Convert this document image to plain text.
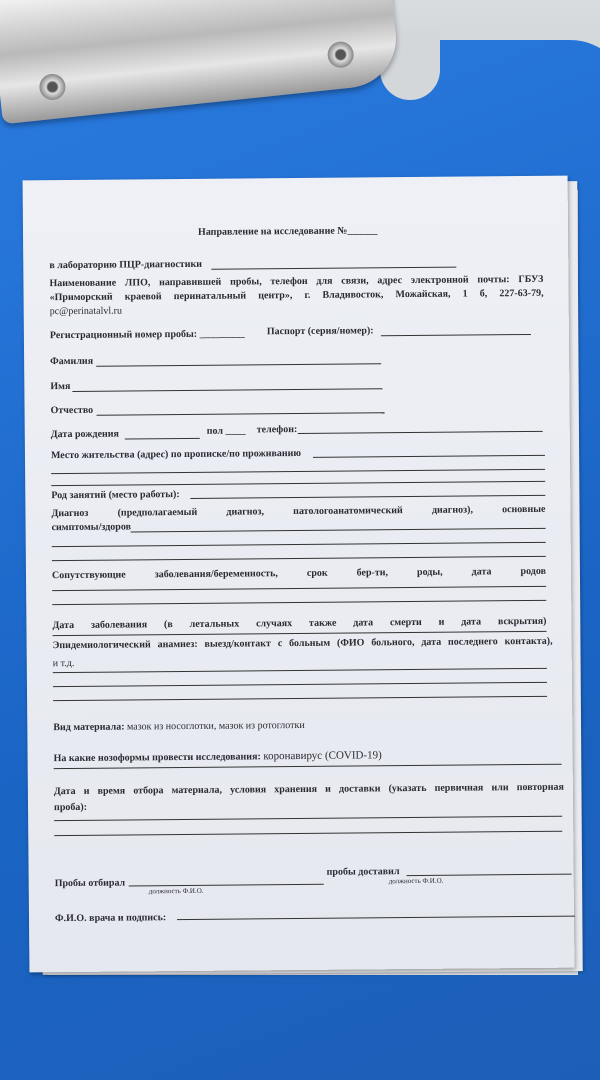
Направление на исследование №______
в лабораторию ПЦР-диагностики
Наименование ЛПО, направившей пробы, телефон для связи, адрес электронной почты: ГБУЗ
«Приморский краевой перинатальный центр», г. Владивосток, Можайская, 1 б, 227-63-79,
pc@perinatalvl.ru
Регистрационный номер пробы: _________ Паспорт (серия/номер):
Фамилия
Имя
Отчество
Дата рождения	пол ____ телефон:
Место жительства (адрес) по прописке/по проживанию
Род занятий (место работы):
Диагноз (предполагаемый диагноз, патологоанатомический диагноз), основные
симптомы/здоров
Сопутствующие заболевания/беременность, срок бер-ти, роды, дата родов
Дата заболевания (в летальных случаях также дата смерти и дата вскрытия)
Эпидемиологический анамнез: выезд/контакт с больным (ФИО больного, дата последнего контакта),
и т.д.
Вид материала: мазок из носоглотки, мазок из ротоглотки
На какие нозоформы провести исследования: коронавирус (COVID-19)
Дата и время отбора материала, условия хранения и доставки (указать первичная или повторная
проба):
Пробы отбирал
должность Ф.И.О.
пробы доставил
должность Ф.И.О.
Ф.И.О. врача и подпись:
